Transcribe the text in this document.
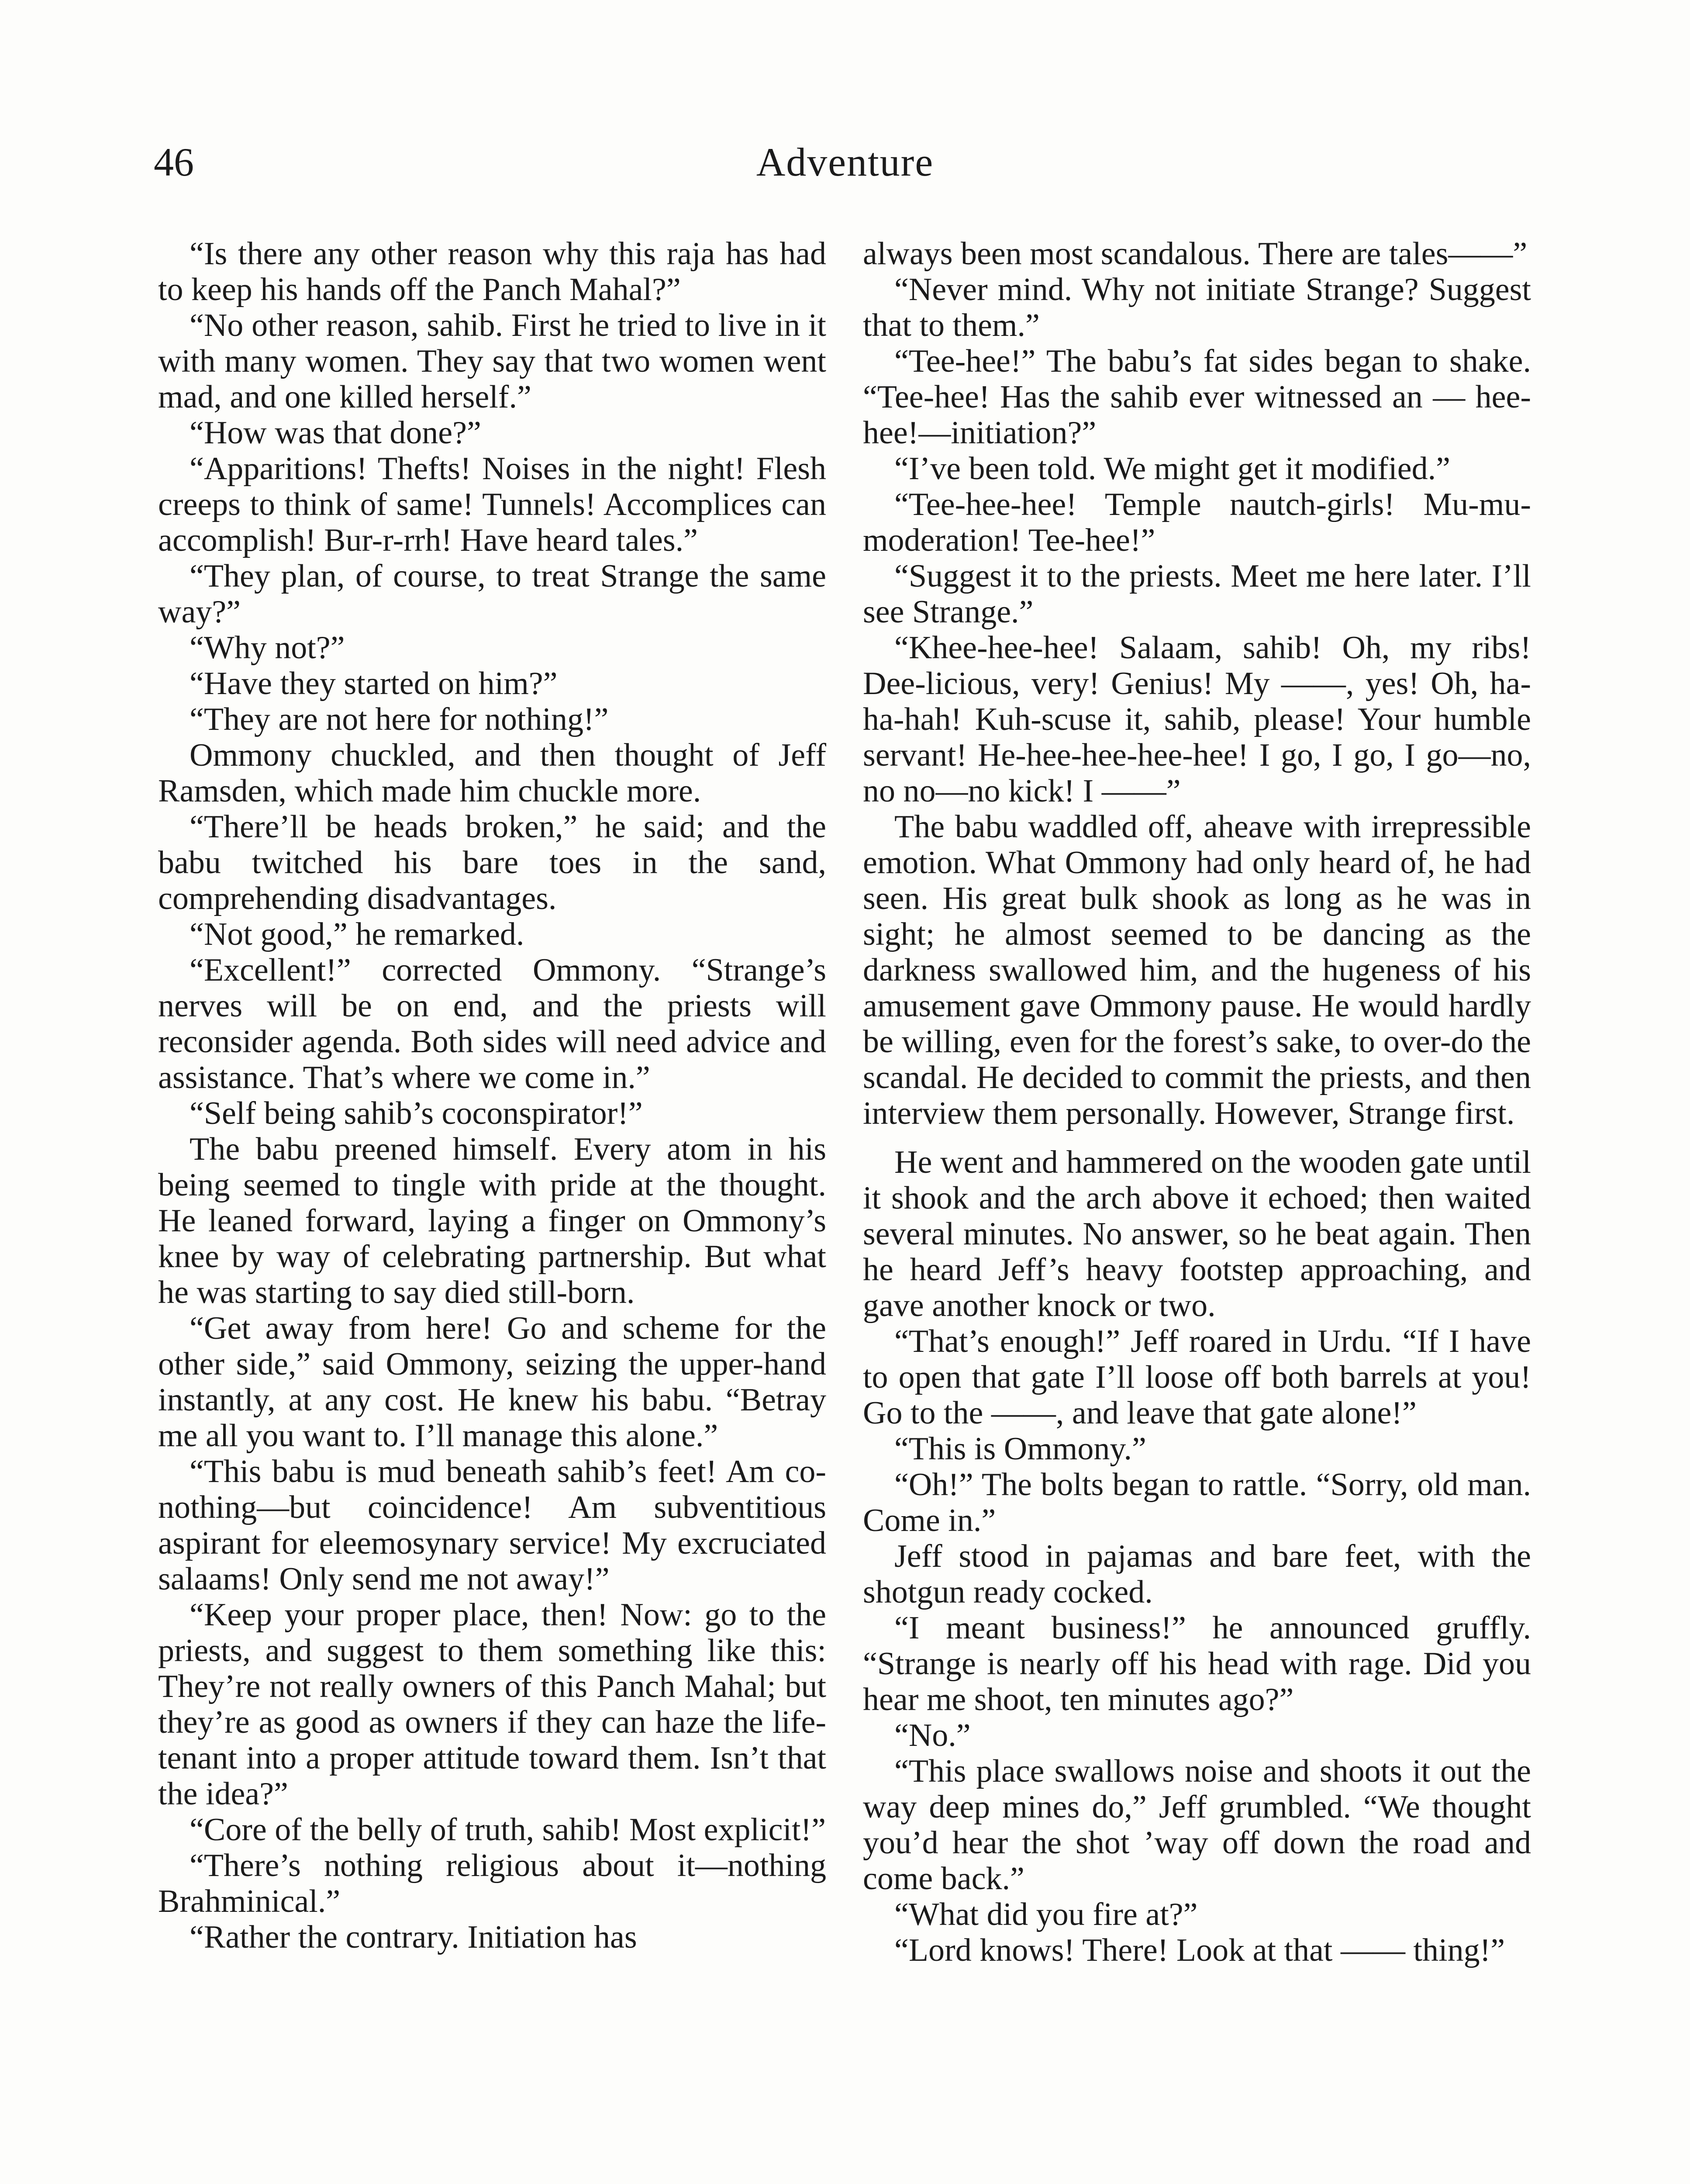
46	Adventure

“Is there any other reason why this raja has had to keep his hands off the Panch Mahal?”

“No other reason, sahib. First he tried to live in it with many women. They say that two women went mad, and one killed herself.”

“How was that done?”

“Apparitions! Thefts! Noises in the night! Flesh creeps to think of same! Tunnels! Accomplices can accomplish! Bur-r-rrh! Have heard tales.”

“They plan, of course, to treat Strange the same way?”

“Why not?”

“Have they started on him?”

“They are not here for nothing!”

Ommony chuckled, and then thought of Jeff Ramsden, which made him chuckle more.

“There’ll be heads broken,” he said; and the babu twitched his bare toes in the sand, comprehending disadvantages.

“Not good,” he remarked.

“Excellent!” corrected Ommony. “Strange’s nerves will be on end, and the priests will reconsider agenda. Both sides will need advice and assistance. That’s where we come in.”

“Self being sahib’s coconspirator!”

The babu preened himself. Every atom in his being seemed to tingle with pride at the thought. He leaned forward, laying a finger on Ommony’s knee by way of celebrating partnership. But what he was starting to say died still-born.

“Get away from here! Go and scheme for the other side,” said Ommony, seizing the upper-hand instantly, at any cost. He knew his babu. “Betray me all you want to. I’ll manage this alone.”

“This babu is mud beneath sahib’s feet! Am co-nothing—but coincidence! Am subventitious aspirant for eleemosynary service! My excruciated salaams! Only send me not away!”

“Keep your proper place, then! Now: go to the priests, and suggest to them something like this: They’re not really owners of this Panch Mahal; but they’re as good as owners if they can haze the life-tenant into a proper attitude toward them. Isn’t that the idea?”

“Core of the belly of truth, sahib! Most explicit!”

“There’s nothing religious about it—nothing Brahminical.”

“Rather the contrary. Initiation has

always been most scandalous. There are tales——”

“Never mind. Why not initiate Strange? Suggest that to them.”

“Tee-hee!” The babu’s fat sides began to shake. “Tee-hee! Has the sahib ever witnessed an — hee-hee!—initiation?”

“I’ve been told. We might get it modified.”

“Tee-hee-hee! Temple nautch-girls! Mu-mu-moderation! Tee-hee!”

“Suggest it to the priests. Meet me here later. I’ll see Strange.”

“Khee-hee-hee! Salaam, sahib! Oh, my ribs! Dee-licious, very! Genius! My ——, yes! Oh, ha-ha-hah! Kuh-scuse it, sahib, please! Your humble servant! He-hee-hee-hee-hee! I go, I go, I go—no, no no—no kick! I ——”

The babu waddled off, aheave with irrepressible emotion. What Ommony had only heard of, he had seen. His great bulk shook as long as he was in sight; he almost seemed to be dancing as the darkness swallowed him, and the hugeness of his amusement gave Ommony pause. He would hardly be willing, even for the forest’s sake, to over-do the scandal. He decided to commit the priests, and then interview them personally. However, Strange first.

He went and hammered on the wooden gate until it shook and the arch above it echoed; then waited several minutes. No answer, so he beat again. Then he heard Jeff’s heavy footstep approaching, and gave another knock or two.

“That’s enough!” Jeff roared in Urdu. “If I have to open that gate I’ll loose off both barrels at you! Go to the ——, and leave that gate alone!”

“This is Ommony.”

“Oh!” The bolts began to rattle. “Sorry, old man. Come in.”

Jeff stood in pajamas and bare feet, with the shotgun ready cocked.

“I meant business!” he announced gruffly. “Strange is nearly off his head with rage. Did you hear me shoot, ten minutes ago?”

“No.”

“This place swallows noise and shoots it out the way deep mines do,” Jeff grumbled. “We thought you’d hear the shot ’way off down the road and come back.”

“What did you fire at?”

“Lord knows! There! Look at that —— thing!”
